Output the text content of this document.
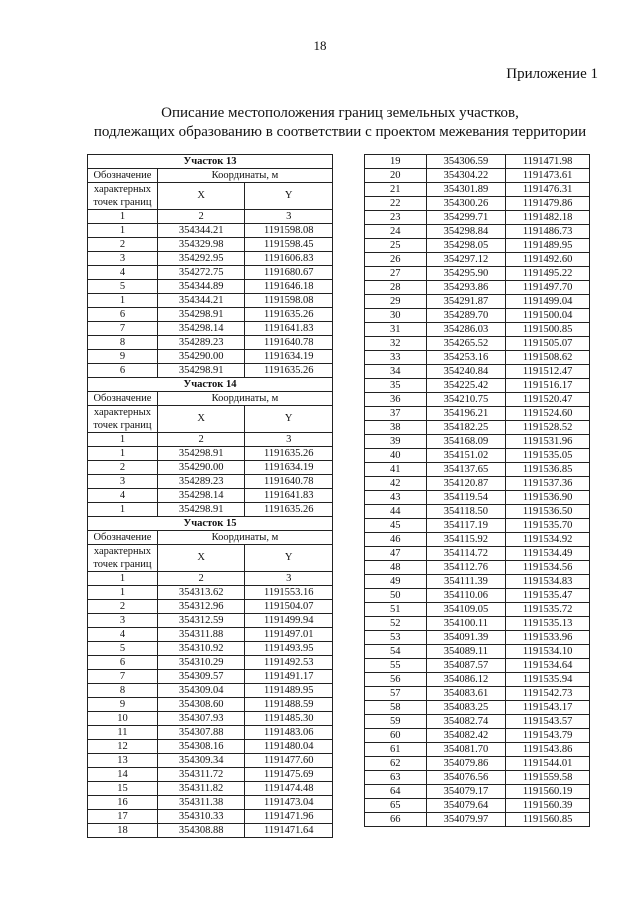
18
Приложение 1
Описание местоположения границ земельных участков,
подлежащих образованию в соответствии с проектом межевания территории
Участок 13		
Обозначение	Координаты, м	

характерных
точек границ	X	Y
1	2	3
1	354344.21	1191598.08
2	354329.98	1191598.45
3	354292.95	1191606.83
4	354272.75	1191680.67
5	354344.89	1191646.18
1	354344.21	1191598.08
6	354298.91	1191635.26
7	354298.14	1191641.83
8	354289.23	1191640.78
9	354290.00	1191634.19
6	354298.91	1191635.26
Участок 14		
Обозначение	Координаты, м	

характерных
точек границ	X	Y
1	2	3
1	354298.91	1191635.26
2	354290.00	1191634.19
3	354289.23	1191640.78
4	354298.14	1191641.83
1	354298.91	1191635.26
Участок 15		
Обозначение	Координаты, м	

характерных
точек границ	X	Y
1	2	3
1	354313.62	1191553.16
2	354312.96	1191504.07
3	354312.59	1191499.94
4	354311.88	1191497.01
5	354310.92	1191493.95
6	354310.29	1191492.53
7	354309.57	1191491.17
8	354309.04	1191489.95
9	354308.60	1191488.59
10	354307.93	1191485.30
11	354307.88	1191483.06
12	354308.16	1191480.04
13	354309.34	1191477.60
14	354311.72	1191475.69
15	354311.82	1191474.48
16	354311.38	1191473.04
17	354310.33	1191471.96
18	354308.88	1191471.64
19	354306.59	1191471.98
20	354304.22	1191473.61
21	354301.89	1191476.31
22	354300.26	1191479.86
23	354299.71	1191482.18
24	354298.84	1191486.73
25	354298.05	1191489.95
26	354297.12	1191492.60
27	354295.90	1191495.22
28	354293.86	1191497.70
29	354291.87	1191499.04
30	354289.70	1191500.04
31	354286.03	1191500.85
32	354265.52	1191505.07
33	354253.16	1191508.62
34	354240.84	1191512.47
35	354225.42	1191516.17
36	354210.75	1191520.47
37	354196.21	1191524.60
38	354182.25	1191528.52
39	354168.09	1191531.96
40	354151.02	1191535.05
41	354137.65	1191536.85
42	354120.87	1191537.36
43	354119.54	1191536.90
44	354118.50	1191536.50
45	354117.19	1191535.70
46	354115.92	1191534.92
47	354114.72	1191534.49
48	354112.76	1191534.56
49	354111.39	1191534.83
50	354110.06	1191535.47
51	354109.05	1191535.72
52	354100.11	1191535.13
53	354091.39	1191533.96
54	354089.11	1191534.10
55	354087.57	1191534.64
56	354086.12	1191535.94
57	354083.61	1191542.73
58	354083.25	1191543.17
59	354082.74	1191543.57
60	354082.42	1191543.79
61	354081.70	1191543.86
62	354079.86	1191544.01
63	354076.56	1191559.58
64	354079.17	1191560.19
65	354079.64	1191560.39
66	354079.97	1191560.85
